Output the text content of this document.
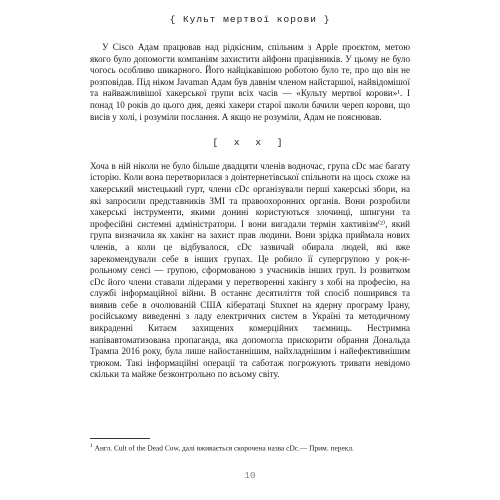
{ Культ мертвої корови }

У Cisco Адам працював над рідкісним, спільним з Apple проєктом, метою якого було допомогти компаніям захистити айфони працівників. У цьому не було чогось особливо шикарного. Його найцікавішою роботою було те, про що він не розповідав. Під ніком Javaman Адам був давнім членом найстаршої, найвідомішої та найважливішої хакерської групи всіх часів — «Культу мертвої корови»¹. І понад 10 років до цього дня, деякі хакери старої школи бачили череп корови, що висів у холі, і розуміли послання. А якщо не розуміли, Адам не пояснював.

[ x x ]

Хоча в ній ніколи не було більше двадцяти членів водночас, група cDc має багату історію. Коли вона перетворилася з доінтернетівської спільноти на щось схоже на хакерський мистецький гурт, члени cDc організували перші хакерські збори, на які запросили представників ЗМІ та правоохоронних органів. Вони розробили хакерські інструменти, якими донині користуються злочинці, шпигуни та професійні системні адміністратори. І вони вигадали термін хактивізм⁽²⁾, який група визначила як хакінг на захист прав людини. Вони зрідка приймала нових членів, а коли це відбувалося, cDc зазвичай обирала людей, які вже зарекомендували себе в інших групах. Це робило її супергрупою у рок-н-рольному сенсі — групою, сформованою з учасників інших груп. Із розвитком cDc його члени ставали лідерами у перетворенні хакінгу з хобі на професію, на службі інформаційної війни. В останнє десятиліття той спосіб поширився та виявив себе в очолюваній США кібератаці Stuxnet на ядерну програму Ірану, російському виведенні з ладу електричних систем в Україні та методичному викраденні Китаєм захищених комерційних таємниць. Нестримна напівавтоматизована пропаганда, яка допомогла прискорити обрання Дональда Трампа 2016 року, була лише найостаннішим, найхладнішим і найефективнішим трюком. Такі інформаційні операції та саботаж погрожують тривати невідомо скільки та майже безконтрольно по всьому світу.

$^1$ Англ. Cult of the Dead Cow, далі вживається скорочена назва cDc.— Прим. перекл.
10
